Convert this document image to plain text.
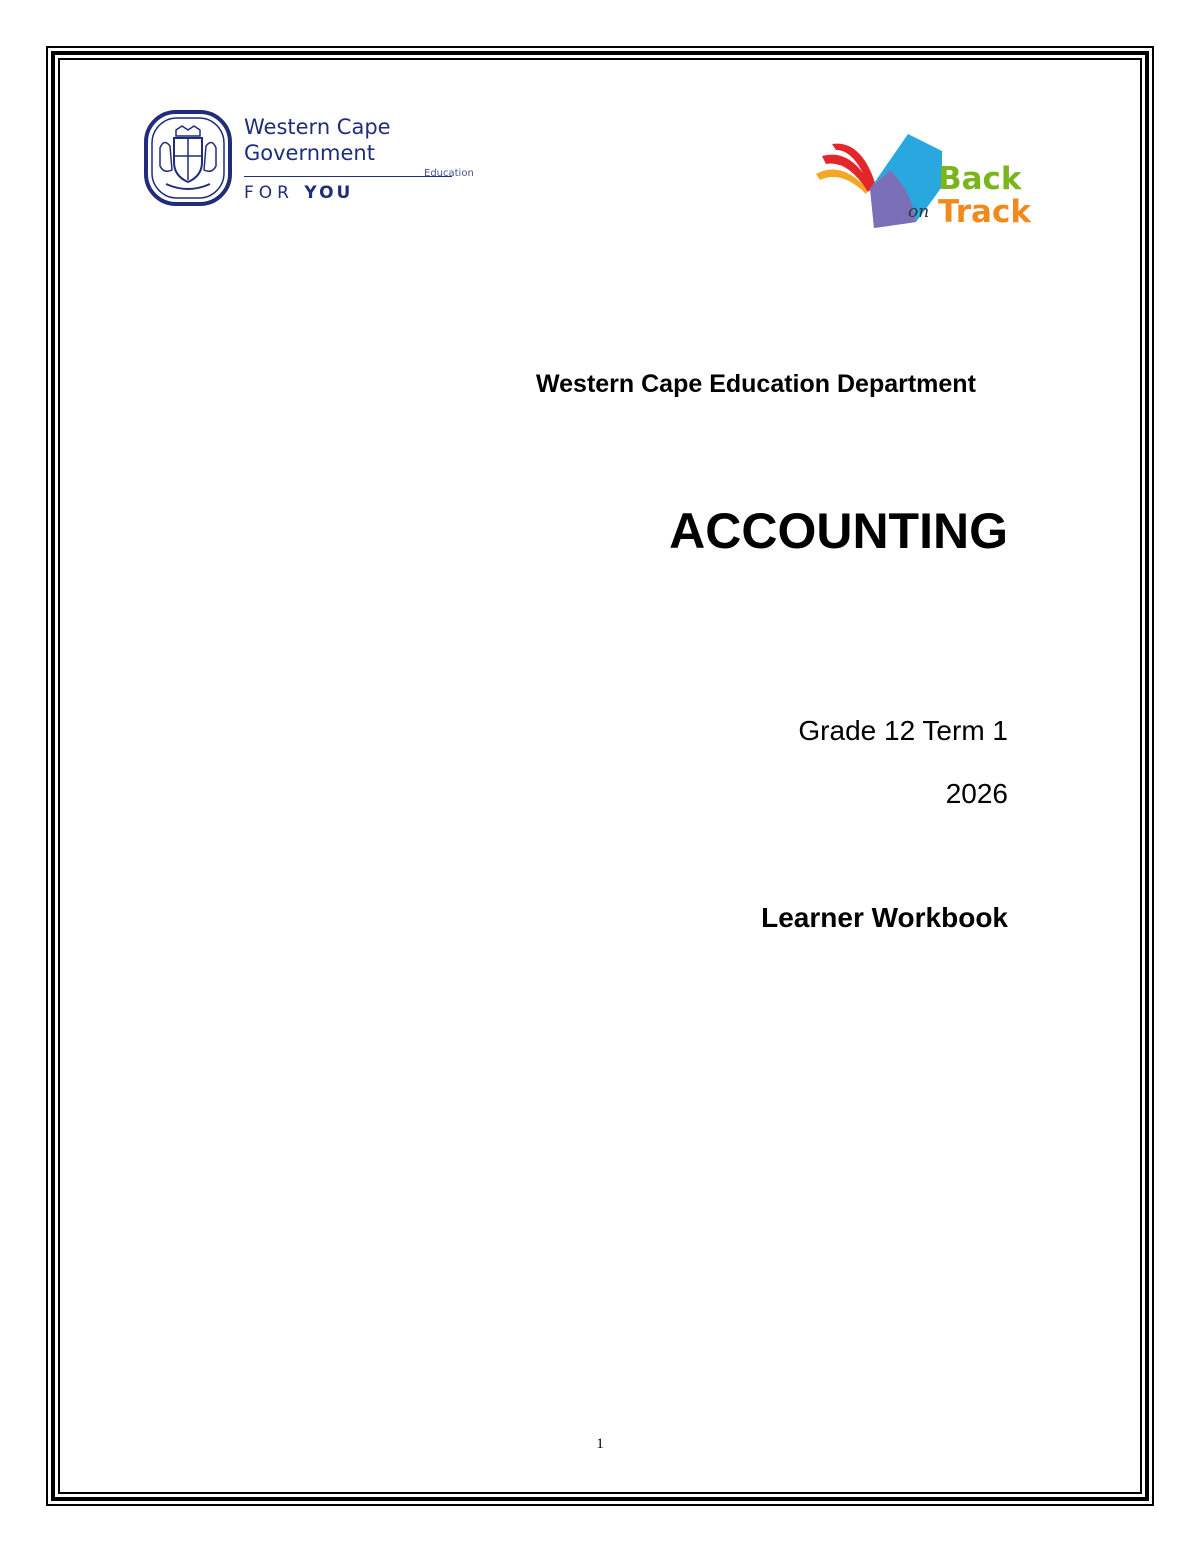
Western Cape
Government
Education
FOR YOU	Back
on Track
Western Cape Education Department
ACCOUNTING
Grade 12 Term 1
2026
Learner Workbook
1
